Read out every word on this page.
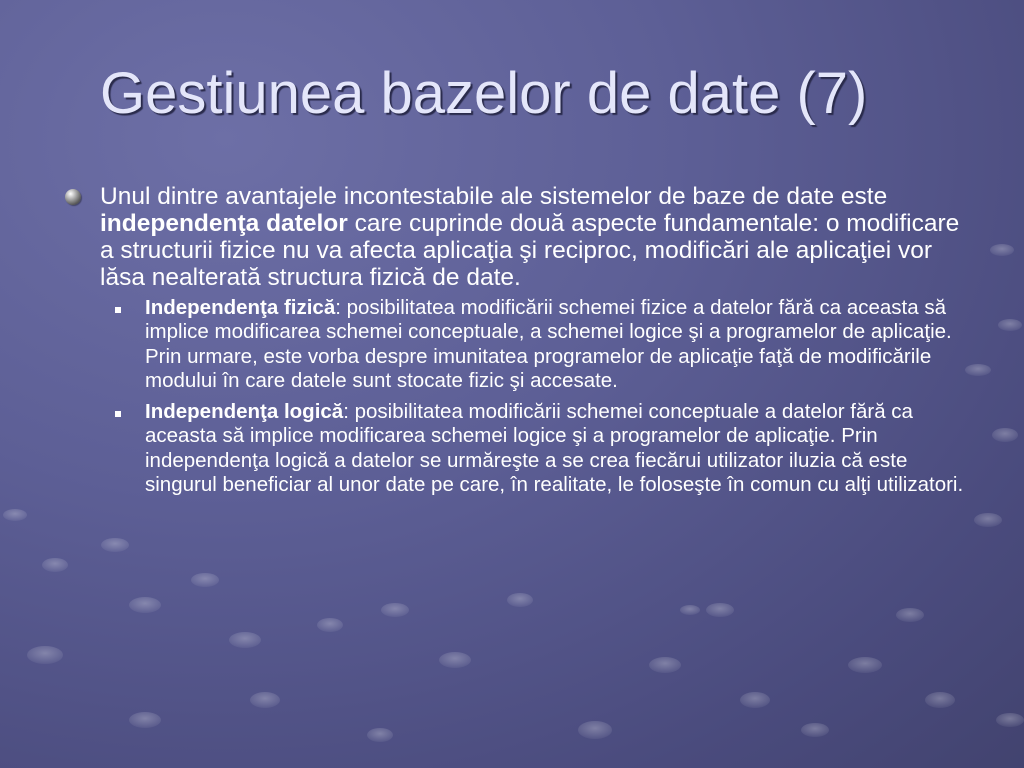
Gestiunea bazelor de date (7)
Unul dintre avantajele incontestabile ale sistemelor de baze de date este independenţa datelor care cuprinde două aspecte fundamentale: o modificare a structurii fizice nu va afecta aplicaţia şi reciproc, modificări ale aplicaţiei vor lăsa nealterată structura fizică de date.
Independenţa fizică: posibilitatea modificării schemei fizice a datelor fără ca aceasta să implice modificarea schemei conceptuale, a schemei logice şi a programelor de aplicaţie. Prin urmare, este vorba despre imunitatea programelor de aplicaţie faţă de modificările modului în care datele sunt stocate fizic şi accesate.
Independenţa logică: posibilitatea modificării schemei conceptuale a datelor fără ca aceasta să implice modificarea schemei logice şi a programelor de aplicaţie. Prin independenţa logică a datelor se urmăreşte a se crea fiecărui utilizator iluzia că este singurul beneficiar al unor date pe care, în realitate, le foloseşte în comun cu alţi utilizatori.
